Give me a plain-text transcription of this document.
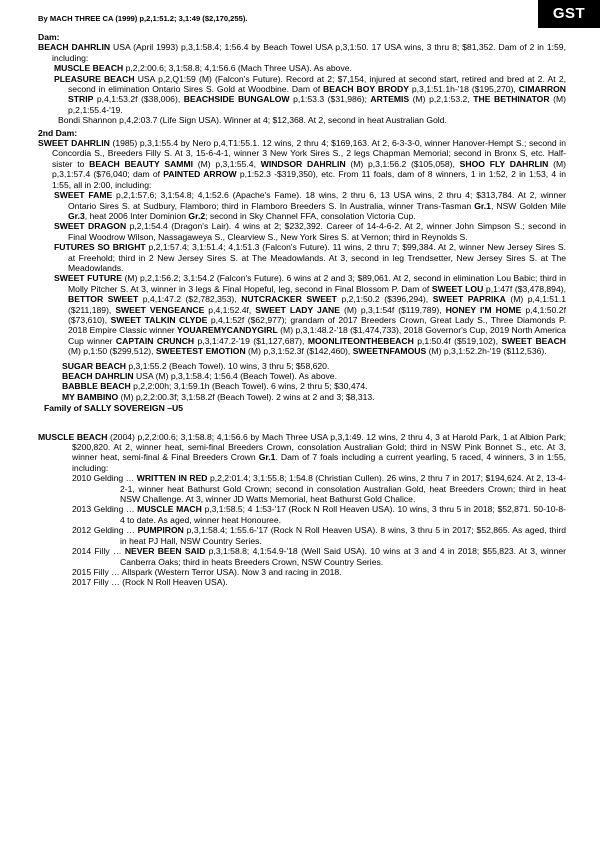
GST
By MACH THREE CA (1999) p,2,1:51.2; 3,1:49 ($2,170,255).
Dam:

BEACH DAHRLIN USA (April 1993) p,3,1:58.4; 1:56.4 by Beach Towel USA p,3,1:50. 17 USA wins, 3 thru 8; $81,352. Dam of 2 in 1:59, including:

MUSCLE BEACH p,2,2:00.6; 3,1:58.8; 4,1:56.6 (Mach Three USA). As above.

PLEASURE BEACH USA p,2,Q1:59 (M) (Falcon's Future). Record at 2; $7,154, injured at second start, retired and bred at 2. At 2, second in elimination Ontario Sires S. Gold at Woodbine. Dam of BEACH BOY BRODY p,3,1:51.1h-'18 ($195,270), CIMARRON STRIP p,4,1:53.2f ($38,006), BEACHSIDE BUNGALOW p,1:53.3 ($31,986); ARTEMIS (M) p,2,1:53.2, THE BETHINATOR (M) p,2,1:55.4-'19.

Bondi Shannon p,4,2:03.7 (Life Sign USA). Winner at 4; $12,368. At 2, second in heat Australian Gold.

2nd Dam:

SWEET DAHRLIN (1985) p,3,1:55.4 by Nero p,4,T1:55.1. 12 wins, 2 thru 4; $169,163. At 2, 6-3-3-0, winner Hanover-Hempt S.; second in Concordia S., Breeders Filly S. At 3, 15-6-4-1, winner 3 New York Sires S., 2 legs Chapman Memorial; second in Bronx S, etc. Half-sister to BEACH BEAUTY SAMMI (M) p,3,1:55.4, WINDSOR DAHRLIN (M) p,3,1:56.2 ($105,058), SHOO FLY DAHRLIN (M) p,3,1:57.4 ($76,040; dam of PAINTED ARROW p,1:52.3 -$319,350), etc. From 11 foals, dam of 8 winners, 1 in 1:52, 2 in 1:53, 4 in 1:55, all in 2:00, including:

SWEET FAME p,2,1:57.6; 3,1:54.8; 4,1:52.6 (Apache's Fame). 18 wins, 2 thru 6, 13 USA wins, 2 thru 4; $313,784. At 2, winner Ontario Sires S. at Sudbury, Flamboro; third in Flamboro Breeders S. In Australia, winner Trans-Tasman Gr.1, NSW Golden Mile Gr.3, heat 2006 Inter Dominion Gr.2; second in Sky Channel FFA, consolation Victoria Cup.

SWEET DRAGON p,2,1:54.4 (Dragon's Lair). 4 wins at 2; $232,392. Career of 14-4-6-2. At 2, winner John Simpson S.; second in Final Woodrow Wilson, Nassagaweya S., Clearview S., New York Sires S. at Vernon; third in Reynolds S.

FUTURES SO BRIGHT p,2,1:57.4; 3,1:51.4; 4,1:51.3 (Falcon's Future). 11 wins, 2 thru 7; $99,384. At 2, winner New Jersey Sires S. at Freehold; third in 2 New Jersey Sires S. at The Meadowlands. At 3, second in leg Trendsetter, New Jersey Sires S. at The Meadowlands.

SWEET FUTURE (M) p,2,1:56.2; 3,1:54.2 (Falcon's Future). 6 wins at 2 and 3; $89,061. At 2, second in elimination Lou Babic; third in Molly Pitcher S. At 3, winner in 3 legs & Final Hopeful, leg, second in Final Blossom P. Dam of SWEET LOU p,1:47f ($3,478,894), BETTOR SWEET p,4,1:47.2 ($2,782,353), NUTCRACKER SWEET p,2,1:50.2 ($396,294), SWEET PAPRIKA (M) p,4,1:51.1 ($211,189), SWEET VENGEANCE p,4,1:52.4f, SWEET LADY JANE (M) p,3,1:54f ($119,789), HONEY I'M HOME p,4,1:50.2f ($73,610), SWEET TALKIN CLYDE p,4,1:52f ($62,977); grandam of 2017 Breeders Crown, Great Lady S., Three Diamonds P. 2018 Empire Classic winner YOUAREMYCANDYGIRL (M) p,3,1:48.2-'18 ($1,474,733), 2018 Governor's Cup, 2019 North America Cup winner CAPTAIN CRUNCH p,3,1:47.2-'19 ($1,127,687), MOONLITEONTHEBEACH p,1:50.4f ($519,102), SWEET BEACH (M) p,1:50 ($299,512), SWEETEST EMOTION (M) p,3,1:52.3f ($142,460), SWEETNFAMOUS (M) p,3,1:52.2h-'19 ($112,536).

SUGAR BEACH p,3,1:55.2 (Beach Towel). 10 wins, 3 thru 5; $58,620.

BEACH DAHRLIN USA (M) p,3,1:58.4; 1:56.4 (Beach Towel). As above.

BABBLE BEACH p,2,2:00h; 3,1:59.1h (Beach Towel). 6 wins, 2 thru 5; $30,474.

MY BAMBINO (M) p,2,2:00.3f; 3,1:58.2f (Beach Towel). 2 wins at 2 and 3; $8,313.

Family of SALLY SOVEREIGN –U5

MUSCLE BEACH (2004) p,2,2:00.6; 3,1:58.8; 4,1:56.6 by Mach Three USA p,3,1:49. 12 wins, 2 thru 4, 3 at Harold Park, 1 at Albion Park; $200,820. At 2, winner heat, semi-final Breeders Crown, consolation Australian Gold; third in NSW Pink Bonnet S., etc. At 3, winner heat, semi-final & Final Breeders Crown Gr.1. Dam of 7 foals including a current yearling, 5 raced, 4 winners, 3 in 1:55, including:

2010 Gelding … WRITTEN IN RED p,2,2:01.4; 3,1:55.8; 1:54.8 (Christian Cullen). 26 wins, 2 thru 7 in 2017; $194,624. At 2, 13-4-2-1, winner heat Bathurst Gold Crown; second in consolation Australian Gold, heat Breeders Crown; third in heat NSW Challenge. At 3, winner JD Watts Memorial, heat Bathurst Gold Chalice.

2013 Gelding … MUSCLE MACH p,3,1:58.5; 4 1:53-'17 (Rock N Roll Heaven USA). 10 wins, 3 thru 5 in 2018; $52,871. 50-10-8-4 to date. As aged, winner heat Honouree.

2012 Gelding … PUMPIRON p,3,1:58.4; 1:55.6-'17 (Rock N Roll Heaven USA). 8 wins, 3 thru 5 in 2017; $52,865. As aged, third in heat PJ Hall, NSW Country Series.

2014 Filly … NEVER BEEN SAID p,3,1:58.8; 4,1:54.9-'18 (Well Said USA). 10 wins at 3 and 4 in 2018; $55,823. At 3, winner Canberra Oaks; third in heats Breeders Crown, NSW Country Series.

2015 Filly … Allspark (Western Terror USA). Now 3 and racing in 2018.

2017 Filly … (Rock N Roll Heaven USA).
